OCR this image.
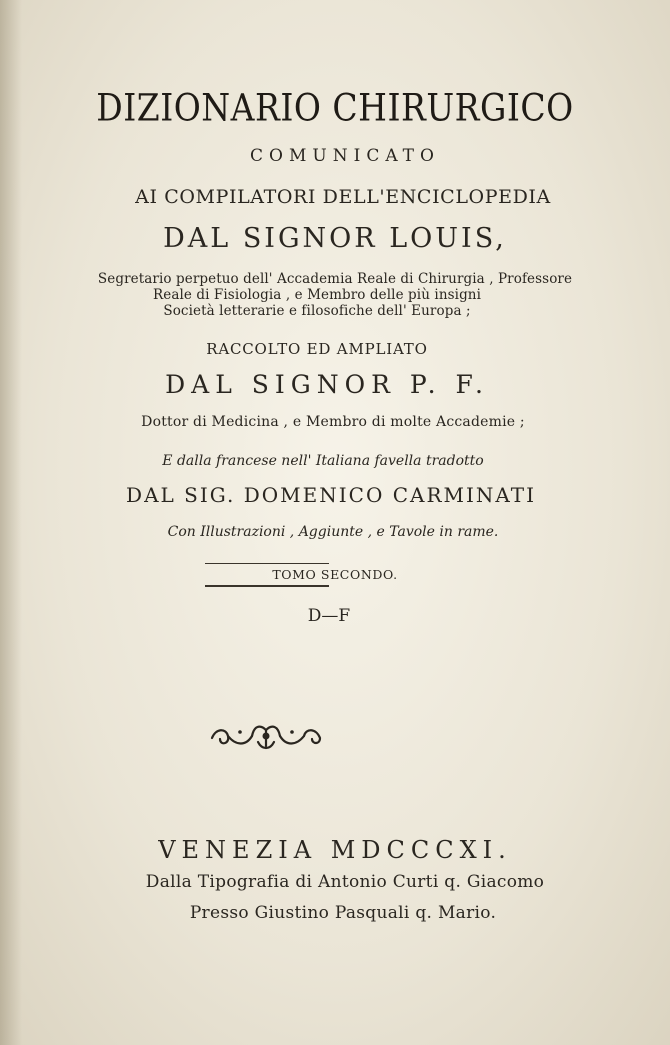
DIZIONARIO CHIRURGICO
COMUNICATO
AI COMPILATORI DELL'ENCICLOPEDIA
DAL SIGNOR LOUIS,
Segretario perpetuo dell' Accademia Reale di Chirurgia , Professore
Reale di Fisiologia , e Membro delle più insigni
Società letterarie e filosofiche dell' Europa ;
RACCOLTO ED AMPLIATO
DAL SIGNOR P. F.
Dottor di Medicina , e Membro di molte Accademie ;
E dalla francese nell' Italiana favella tradotto
DAL SIG. DOMENICO CARMINATI
Con Illustrazioni , Aggiunte , e Tavole in rame.
TOMO SECONDO.
D—F
VENEZIA MDCCCXI.
Dalla Tipografia di Antonio Curti q. Giacomo
Presso Giustino Pasquali q. Mario.
